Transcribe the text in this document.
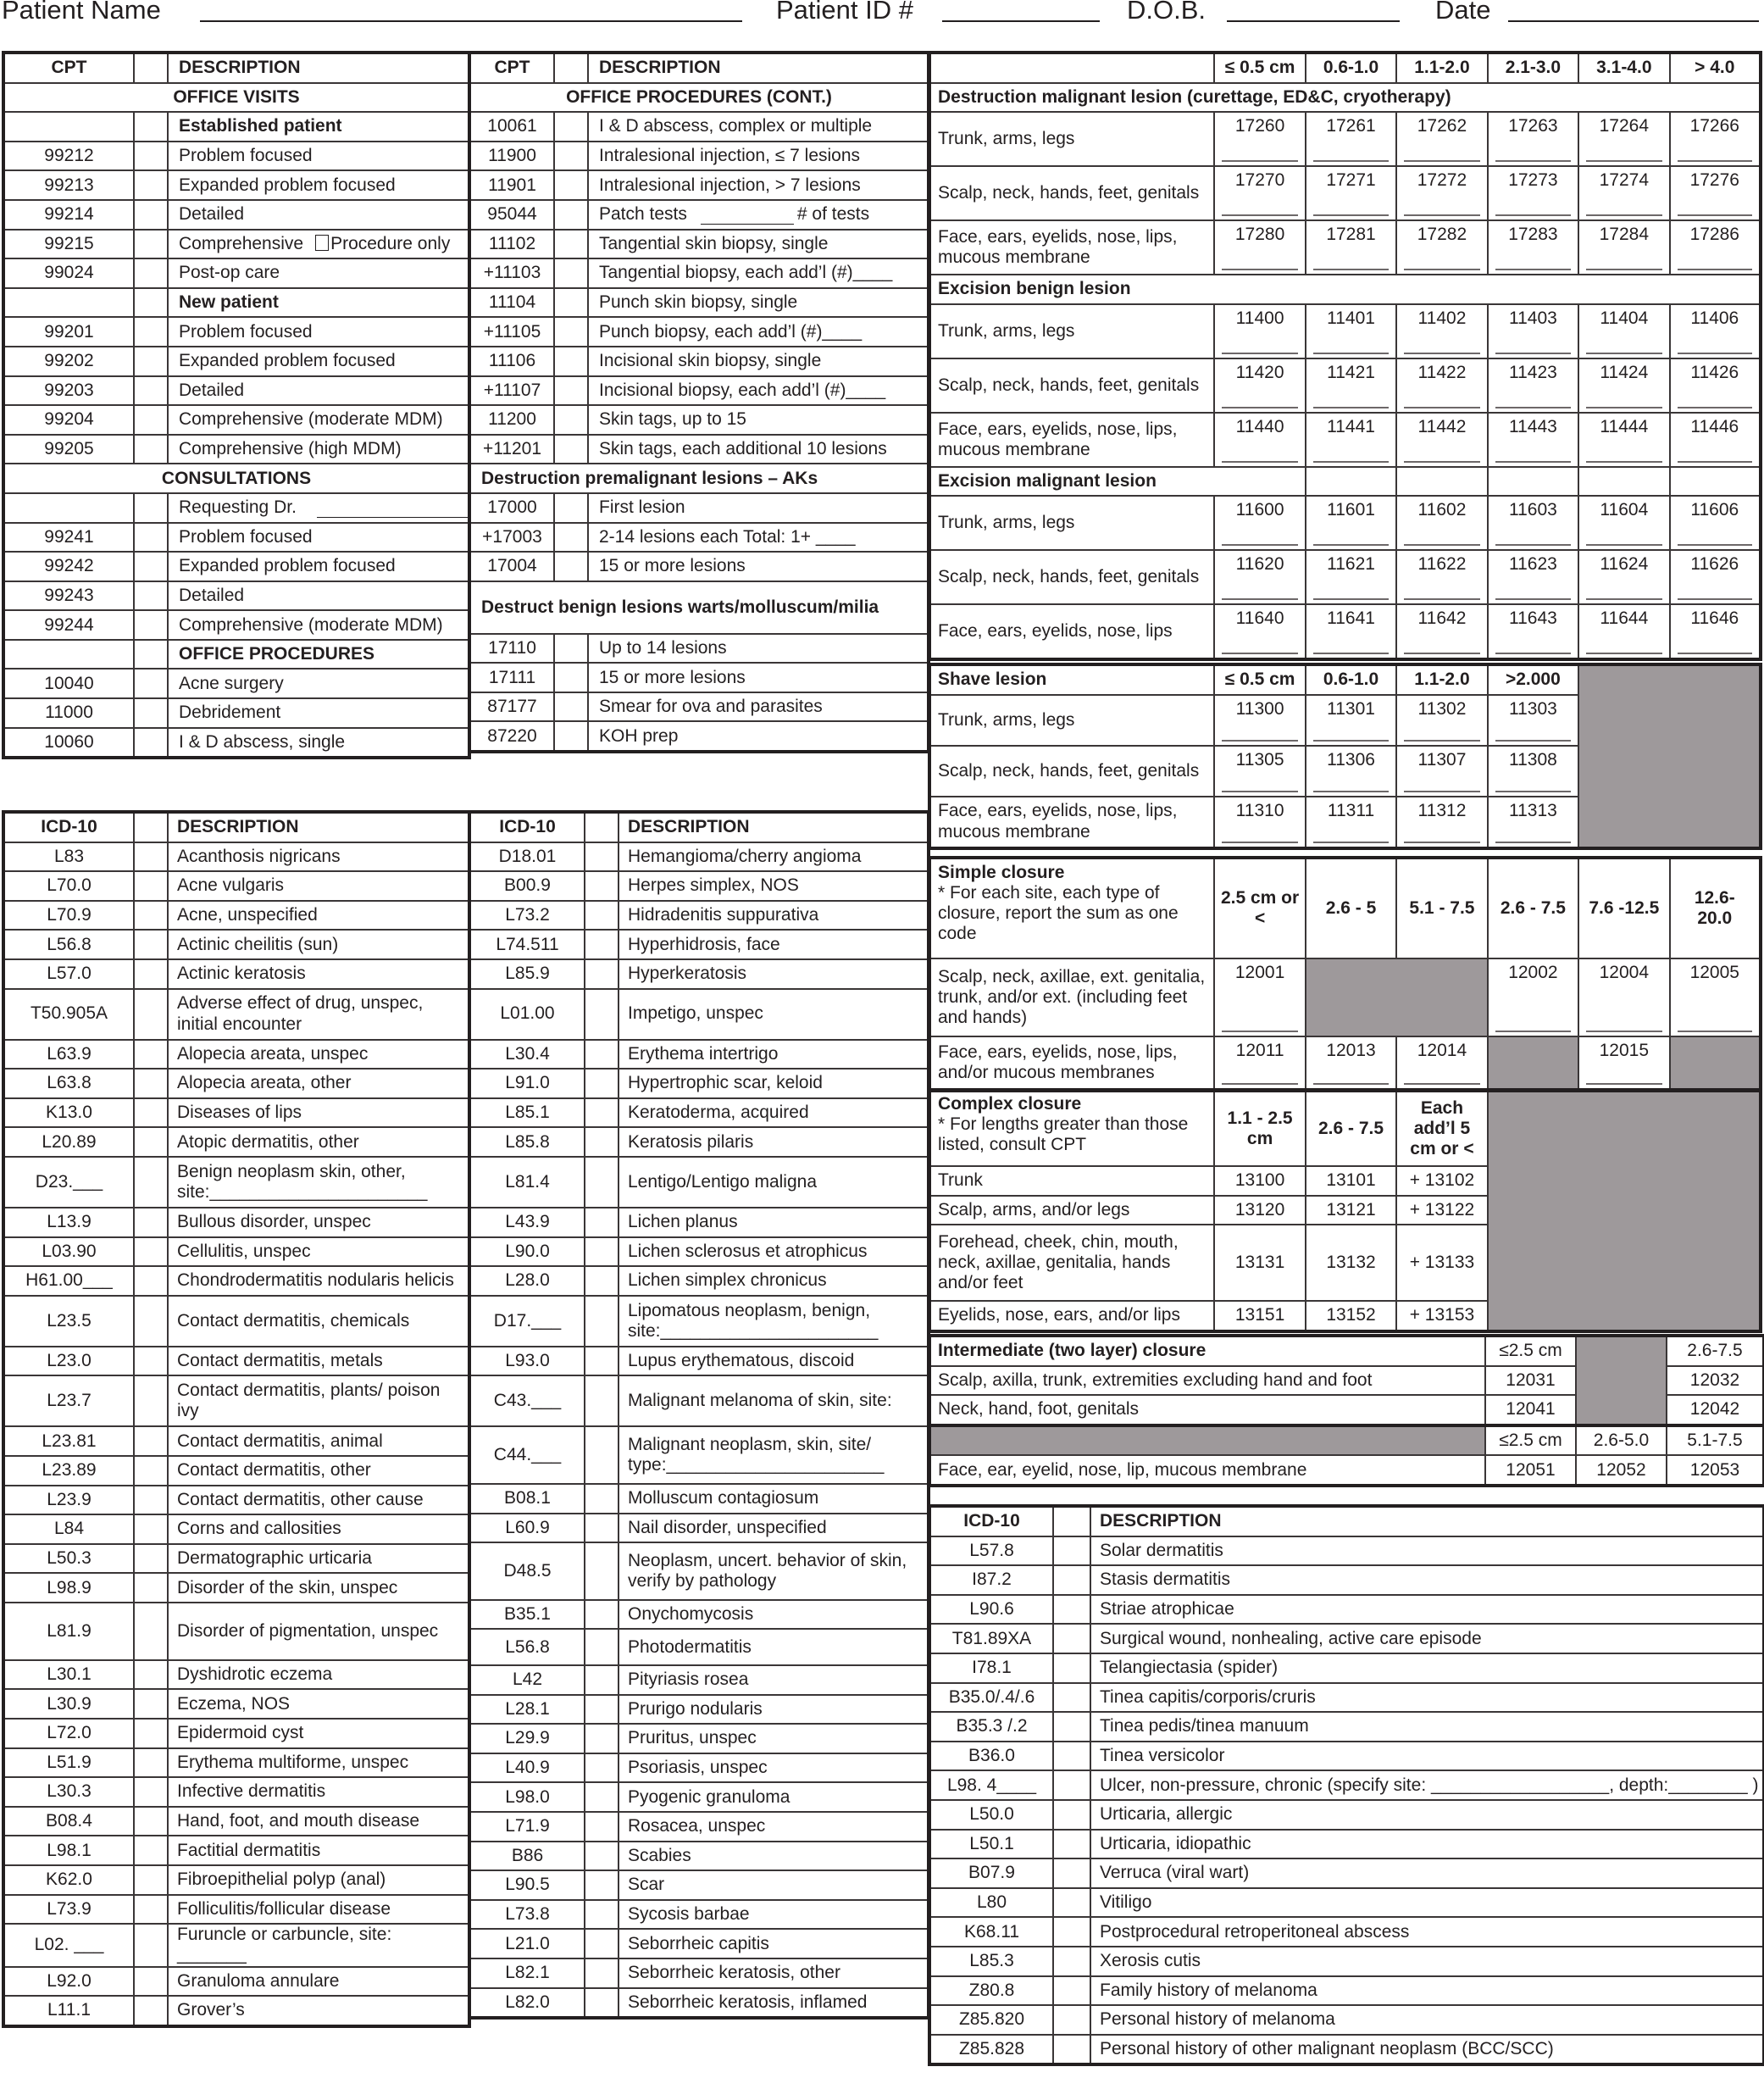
Patient Name	Patient ID #	D.O.B.	Date
CPT		DESCRIPTION
OFFICE VISITS		
		Established patient
99212		Problem focused
99213		Expanded problem focused
99214		Detailed
99215		Comprehensive Procedure only
99024		Post-op care
		New patient
99201		Problem focused
99202		Expanded problem focused
99203		Detailed
99204		Comprehensive (moderate MDM)
99205		Comprehensive (high MDM)
CONSULTATIONS		
		Requesting Dr.
99241		Problem focused
99242		Expanded problem focused
99243		Detailed
99244		Comprehensive (moderate MDM)
		OFFICE PROCEDURES
10040		Acne surgery
11000		Debridement
10060		I & D abscess, single
CPT		DESCRIPTION
OFFICE PROCEDURES (CONT.)		
10061		I & D abscess, complex or multiple
11900		Intralesional injection, ≤ 7 lesions
11901		Intralesional injection, > 7 lesions
95044		Patch tests # of tests
11102		Tangential skin biopsy, single
+11103		Tangential biopsy, each add’l (#)____
11104		Punch skin biopsy, single
+11105		Punch biopsy, each add’l (#)____
11106		Incisional skin biopsy, single
+11107		Incisional biopsy, each add’l (#)____
11200		Skin tags, up to 15
+11201		Skin tags, each additional 10 lesions
Destruction premalignant lesions – AKs		
17000		First lesion
+17003		2-14 lesions each Total: 1+ ____
17004		15 or more lesions
Destruct benign lesions warts/molluscum/milia		
17110		Up to 14 lesions
17111		15 or more lesions
87177		Smear for ova and parasites
87220		KOH prep
ICD-10		DESCRIPTION
L83		Acanthosis nigricans
L70.0		Acne vulgaris
L70.9		Acne, unspecified
L56.8		Actinic cheilitis (sun)
L57.0		Actinic keratosis
T50.905A		Adverse effect of drug, unspec, initial encounter
L63.9		Alopecia areata, unspec
L63.8		Alopecia areata, other
K13.0		Diseases of lips
L20.89		Atopic dermatitis, other
D23.___		Benign neoplasm skin, other, site:______________________
L13.9		Bullous disorder, unspec
L03.90		Cellulitis, unspec
H61.00___		Chondrodermatitis nodularis helicis
L23.5		Contact dermatitis, chemicals
L23.0		Contact dermatitis, metals
L23.7		Contact dermatitis, plants/ poison ivy
L23.81		Contact dermatitis, animal
L23.89		Contact dermatitis, other
L23.9		Contact dermatitis, other cause
L84		Corns and callosities
L50.3		Dermatographic urticaria
L98.9		Disorder of the skin, unspec
L81.9		Disorder of pigmentation, unspec
L30.1		Dyshidrotic eczema
L30.9		Eczema, NOS
L72.0		Epidermoid cyst
L51.9		Erythema multiforme, unspec
L30.3		Infective dermatitis
B08.4		Hand, foot, and mouth disease
L98.1		Factitial dermatitis
K62.0		Fibroepithelial polyp (anal)
L73.9		Folliculitis/follicular disease
L02. ___		Furuncle or carbuncle, site: _______
L92.0		Granuloma annulare
L11.1		Grover’s
ICD-10		DESCRIPTION
D18.01		Hemangioma/cherry angioma
B00.9		Herpes simplex, NOS
L73.2		Hidradenitis suppurativa
L74.511		Hyperhidrosis, face
L85.9		Hyperkeratosis
L01.00		Impetigo, unspec
L30.4		Erythema intertrigo
L91.0		Hypertrophic scar, keloid
L85.1		Keratoderma, acquired
L85.8		Keratosis pilaris
L81.4		Lentigo/Lentigo maligna
L43.9		Lichen planus
L90.0		Lichen sclerosus et atrophicus
L28.0		Lichen simplex chronicus
D17.___		Lipomatous neoplasm, benign, site:______________________
L93.0		Lupus erythematous, discoid
C43.___		Malignant melanoma of skin, site:
C44.___		Malignant neoplasm, skin, site/ type:______________________
B08.1		Molluscum contagiosum
L60.9		Nail disorder, unspecified
D48.5		Neoplasm, uncert. behavior of skin, verify by pathology
B35.1		Onychomycosis
L56.8		Photodermatitis
L42		Pityriasis rosea
L28.1		Prurigo nodularis
L29.9		Pruritus, unspec
L40.9		Psoriasis, unspec
L98.0		Pyogenic granuloma
L71.9		Rosacea, unspec
B86		Scabies
L90.5		Scar
L73.8		Sycosis barbae
L21.0		Seborrheic capitis
L82.1		Seborrheic keratosis, other
L82.0		Seborrheic keratosis, inflamed
	≤ 0.5 cm	0.6-1.0	1.1-2.0	2.1-3.0	3.1-4.0	> 4.0
Destruction malignant lesion (curettage, ED&C, cryotherapy)						
Trunk, arms, legs	17260	17261	17262	17263	17264	17266

Scalp, neck, hands, feet, genitals	17270	17271	17272	17273	17274	17276

Face, ears, eyelids, nose, lips, mucous membrane	17280	17281	17282	17283	17284	17286

Excision benign lesion						
Trunk, arms, legs	11400	11401	11402	11403	11404	11406

Scalp, neck, hands, feet, genitals	11420	11421	11422	11423	11424	11426

Face, ears, eyelids, nose, lips, mucous membrane	11440	11441	11442	11443	11444	11446

Excision malignant lesion						
Trunk, arms, legs	11600	11601	11602	11603	11604	11606

Scalp, neck, hands, feet, genitals	11620	11621	11622	11623	11624	11626

Face, ears, eyelids, nose, lips	11640	11641	11642	11643	11644	11646
Shave lesion	≤ 0.5 cm	0.6-1.0	1.1-2.0	>2.000	
Trunk, arms, legs	11300	11301	11302	11303	

Scalp, neck, hands, feet, genitals	11305	11306	11307	11308	

Face, ears, eyelids, nose, lips, mucous membrane	11310	11311	11312	11313	
Simple closure
* For each site, each type of closure, report the sum as one code	2.5 cm or <	2.6 - 5	5.1 - 7.5	2.6 - 7.5	7.6 -12.5	12.6- 20.0
Scalp, neck, axillae, ext. genitalia, trunk, and/or ext. (including feet and hands)	12001			12002	12004	12005

Face, ears, eyelids, nose, lips, and/or mucous membranes	12011	12013	12014		12015

Complex closure
* For lengths greater than those listed, consult CPT	1.1 - 2.5 cm	2.6 - 7.5	Each add’l 5 cm or <	
Trunk	13100	13101	+ 13102	
Scalp, arms, and/or legs	13120	13121	+ 13122	
Forehead, cheek, chin, mouth, neck, axillae, genitalia, hands and/or feet	13131	13132	+ 13133	
Eyelids, nose, ears, and/or lips	13151	13152	+ 13153	
Intermediate (two layer) closure	≤2.5 cm		2.6-7.5
Scalp, axilla, trunk, extremities excluding hand and foot	12031		12032
Neck, hand, foot, genitals	12041		12042
	≤2.5 cm	2.6-5.0	5.1-7.5
Face, ear, eyelid, nose, lip, mucous membrane	12051	12052	12053
ICD-10		DESCRIPTION
L57.8		Solar dermatitis
I87.2		Stasis dermatitis
L90.6		Striae atrophicae
T81.89XA		Surgical wound, nonhealing, active care episode
I78.1		Telangiectasia (spider)
B35.0/.4/.6		Tinea capitis/corporis/cruris
B35.3 /.2		Tinea pedis/tinea manuum
B36.0		Tinea versicolor
L98. 4____		Ulcer, non-pressure, chronic (specify site: __________________, depth:________ )
L50.0		Urticaria, allergic
L50.1		Urticaria, idiopathic
B07.9		Verruca (viral wart)
L80		Vitiligo
K68.11		Postprocedural retroperitoneal abscess
L85.3		Xerosis cutis
Z80.8		Family history of melanoma
Z85.820		Personal history of melanoma
Z85.828		Personal history of other malignant neoplasm (BCC/SCC)
